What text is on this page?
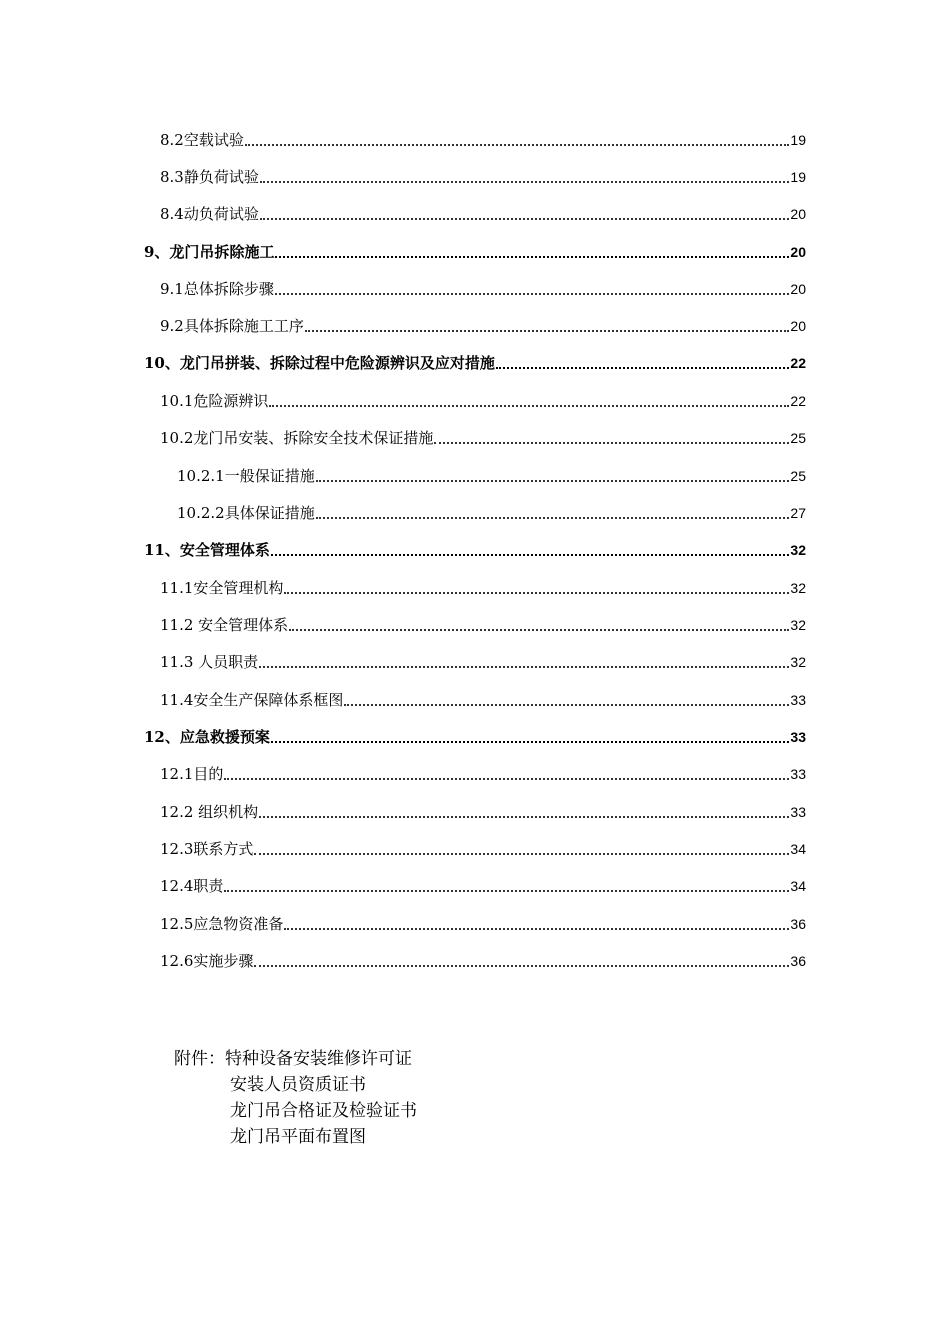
8.2空载试验	19
8.3静负荷试验	19
8.4动负荷试验	20
9、龙门吊拆除施工	20
9.1总体拆除步骤	20
9.2具体拆除施工工序	20
10、龙门吊拼装、拆除过程中危险源辨识及应对措施	22
10.1危险源辨识	22
10.2龙门吊安装、拆除安全技术保证措施	25
10.2.1一般保证措施	25
10.2.2具体保证措施	27
11、安全管理体系	32
11.1安全管理机构	32
11.2 安全管理体系	32
11.3 人员职责	32
11.4安全生产保障体系框图	33
12、应急救援预案	33
12.1目的	33
12.2 组织机构	33
12.3联系方式	34
12.4职责	34
12.5应急物资准备	36
12.6实施步骤	36
附件：特种设备安装维修许可证
安装人员资质证书
龙门吊合格证及检验证书
龙门吊平面布置图
